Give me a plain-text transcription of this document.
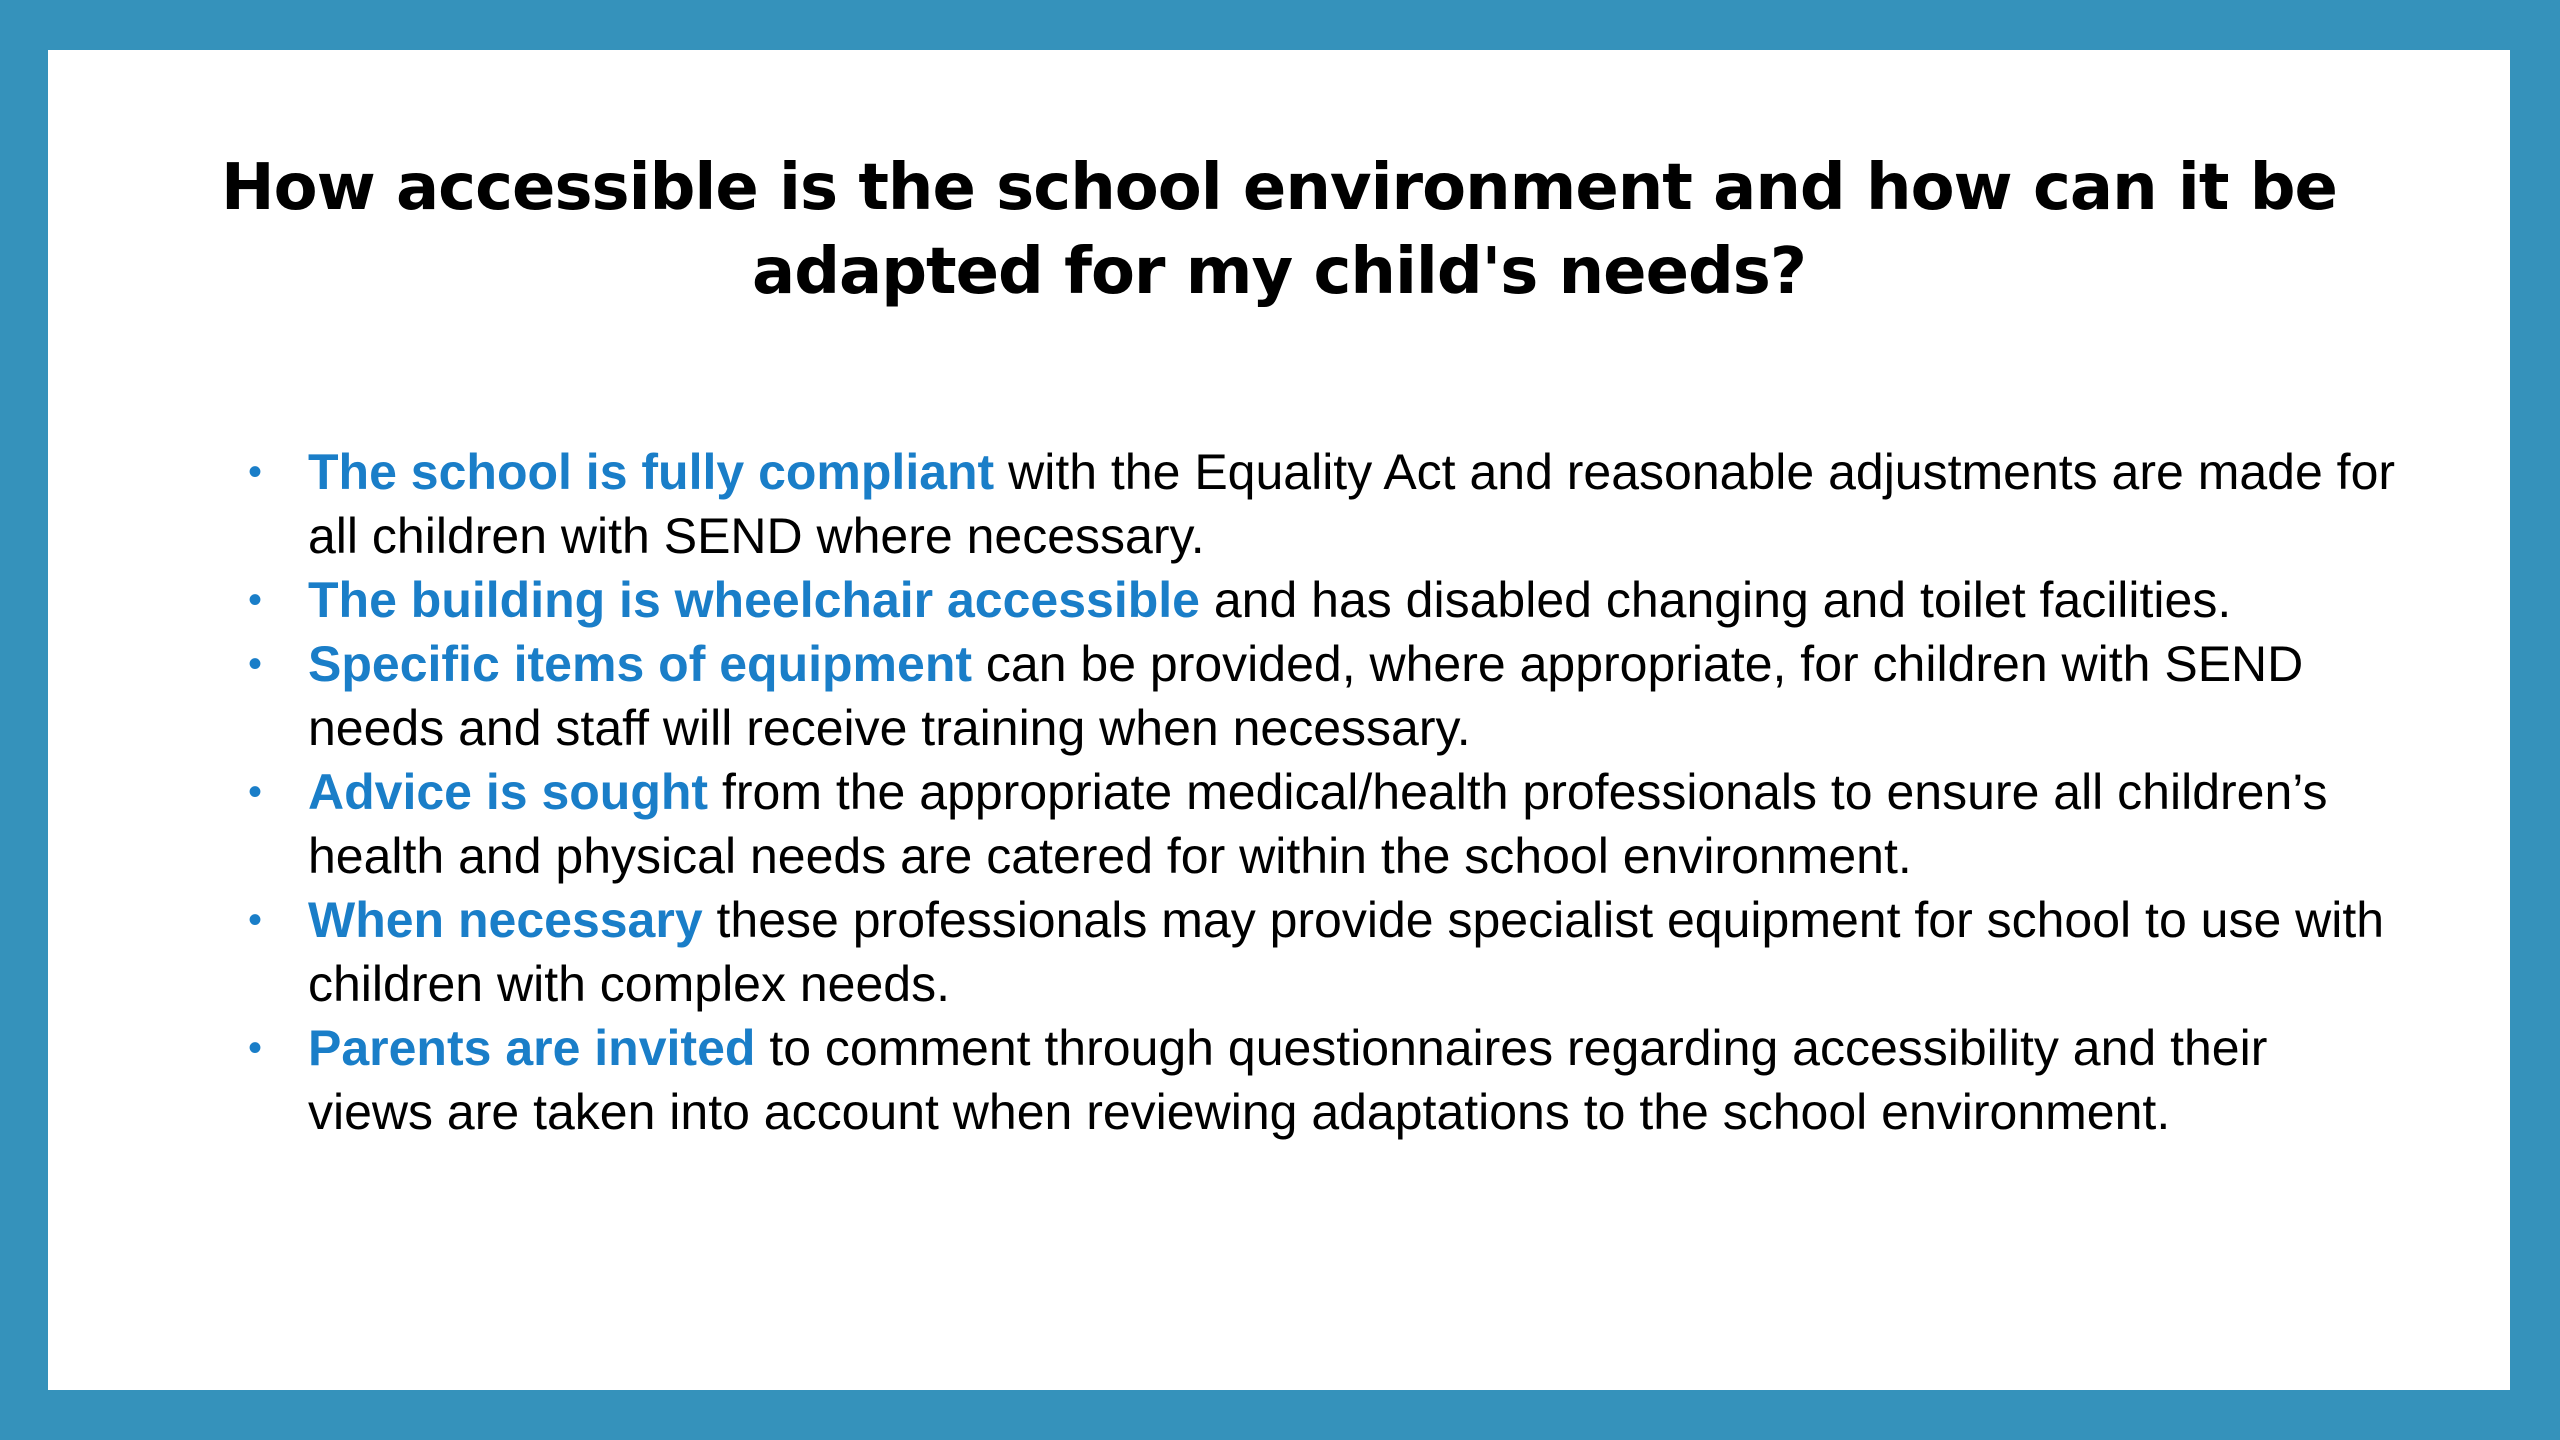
How accessible is the school environment and how can it be
adapted for my child's needs?
• The school is fully compliant with the Equality Act and reasonable adjustments are made for all children with SEND where necessary.
• The building is wheelchair accessible and has disabled changing and toilet facilities.
• Specific items of equipment can be provided, where appropriate, for children with SEND needs and staff will receive training when necessary.
• Advice is sought from the appropriate medical/health professionals to ensure all children’s health and physical needs are catered for within the school environment.
• When necessary these professionals may provide specialist equipment for school to use with children with complex needs.
• Parents are invited to comment through questionnaires regarding accessibility and their views are taken into account when reviewing adaptations to the school environment.
